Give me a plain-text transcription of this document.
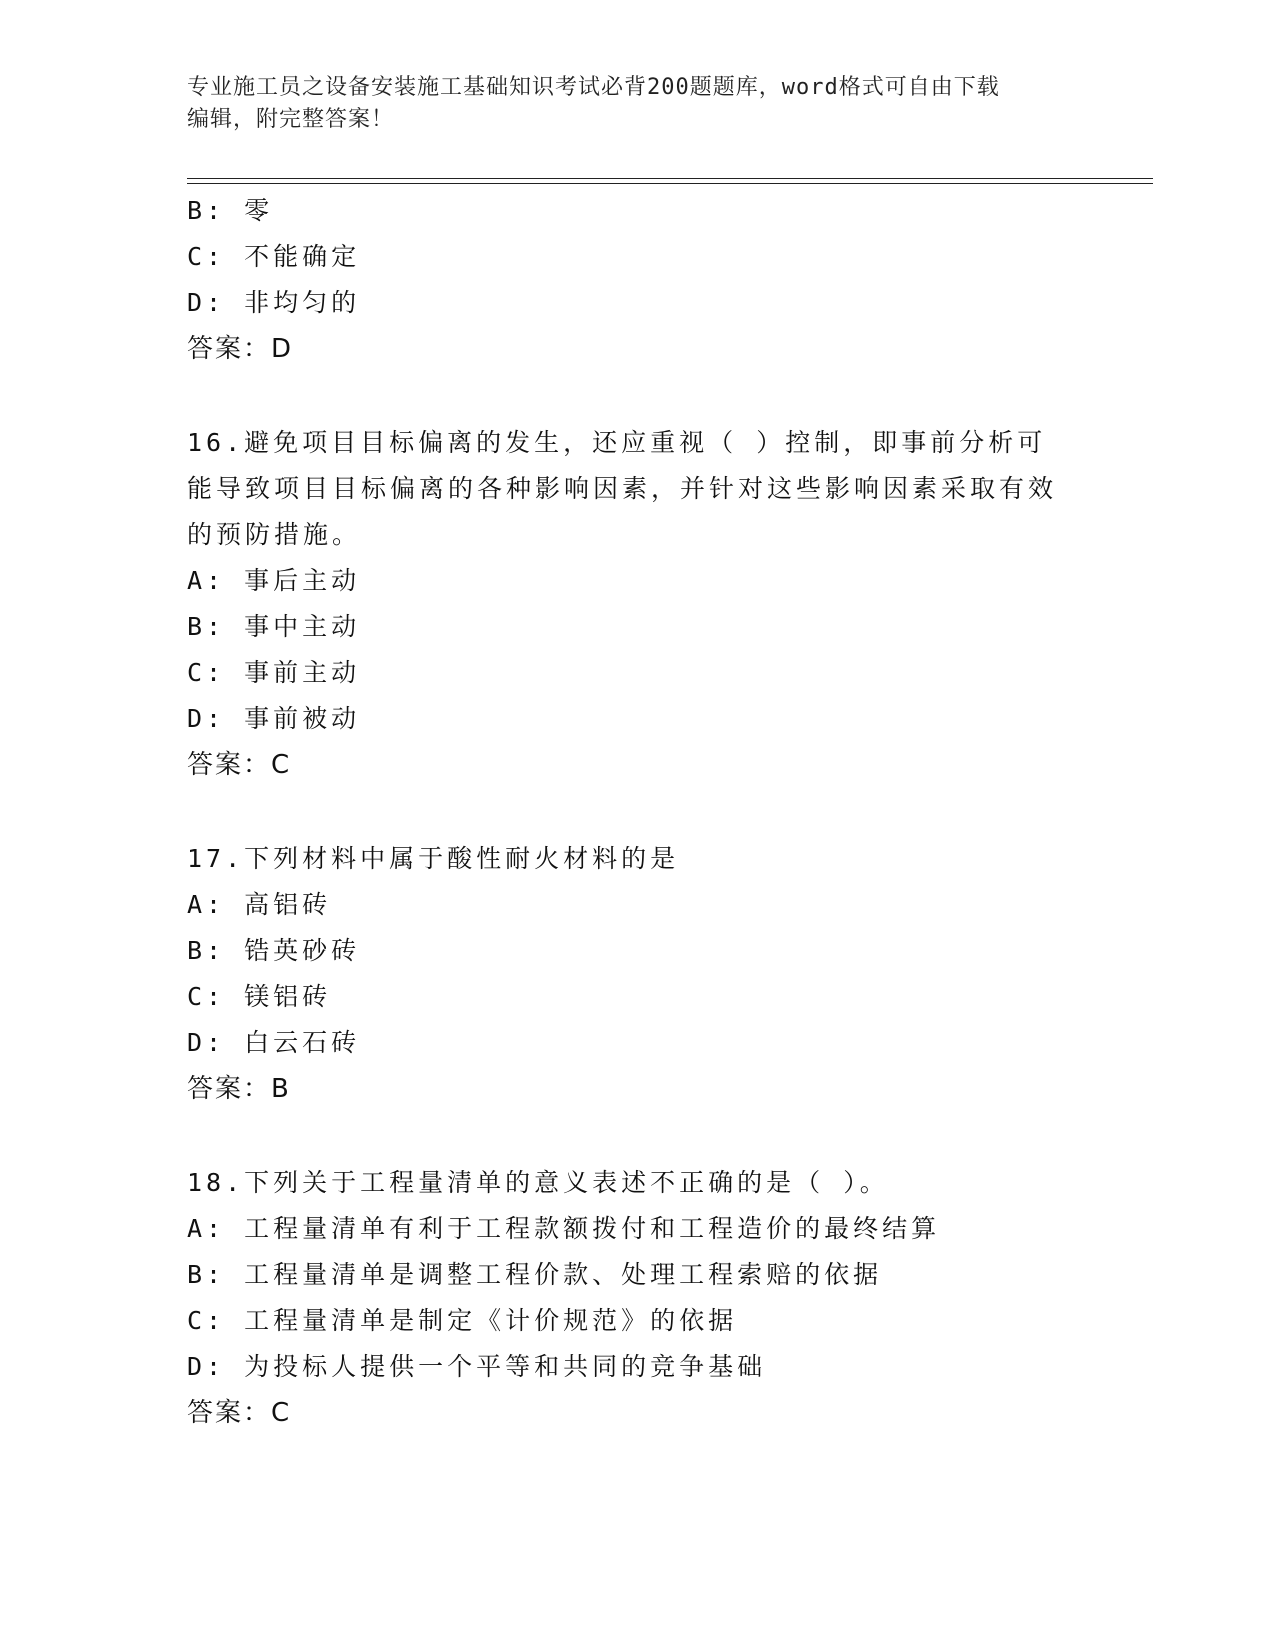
专业施工员之设备安装施工基础知识考试必背200题题库，word格式可自由下载
编辑，附完整答案！
B: 零
C: 不能确定
D: 非均匀的
答案：D
16.避免项目目标偏离的发生，还应重视（ ）控制，即事前分析可能导致项目目标偏离的各种影响因素，并针对这些影响因素采取有效的预防措施。
A: 事后主动
B: 事中主动
C: 事前主动
D: 事前被动
答案：C
17.下列材料中属于酸性耐火材料的是
A: 高铝砖
B: 锆英砂砖
C: 镁铝砖
D: 白云石砖
答案：B
18.下列关于工程量清单的意义表述不正确的是（ ）。
A: 工程量清单有利于工程款额拨付和工程造价的最终结算
B: 工程量清单是调整工程价款、处理工程索赔的依据
C: 工程量清单是制定《计价规范》的依据
D: 为投标人提供一个平等和共同的竞争基础
答案：C
